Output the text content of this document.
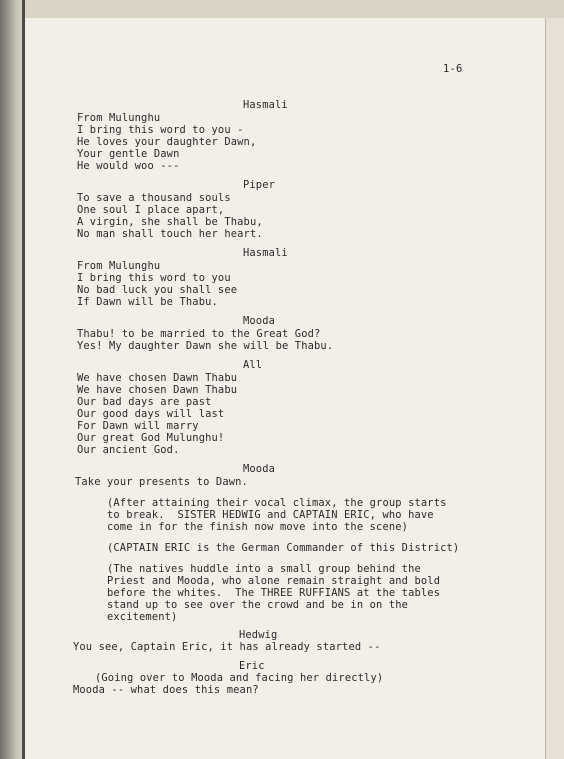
1-6

Hasmali

From Mulunghu

I bring this word to you -

He loves your daughter Dawn,

Your gentle Dawn

He would woo ---

Piper

To save a thousand souls

One soul I place apart,

A virgin, she shall be Thabu,

No man shall touch her heart.

Hasmali

From Mulunghu

I bring this word to you

No bad luck you shall see

If Dawn will be Thabu.

Mooda

Thabu! to be married to the Great God?

Yes! My daughter Dawn she will be Thabu.

All

We have chosen Dawn Thabu

We have chosen Dawn Thabu

Our bad days are past

Our good days will last

For Dawn will marry

Our great God Mulunghu!

Our ancient God.

Mooda

Take your presents to Dawn.

(After attaining their vocal climax, the group starts

to break.  SISTER HEDWIG and CAPTAIN ERIC, who have

come in for the finish now move into the scene)

(CAPTAIN ERIC is the German Commander of this District)

(The natives huddle into a small group behind the

Priest and Mooda, who alone remain straight and bold

before the whites.  The THREE RUFFIANS at the tables

stand up to see over the crowd and be in on the

excitement)

Hedwig

You see, Captain Eric, it has already started --

Eric

(Going over to Mooda and facing her directly)

Mooda -- what does this mean?
